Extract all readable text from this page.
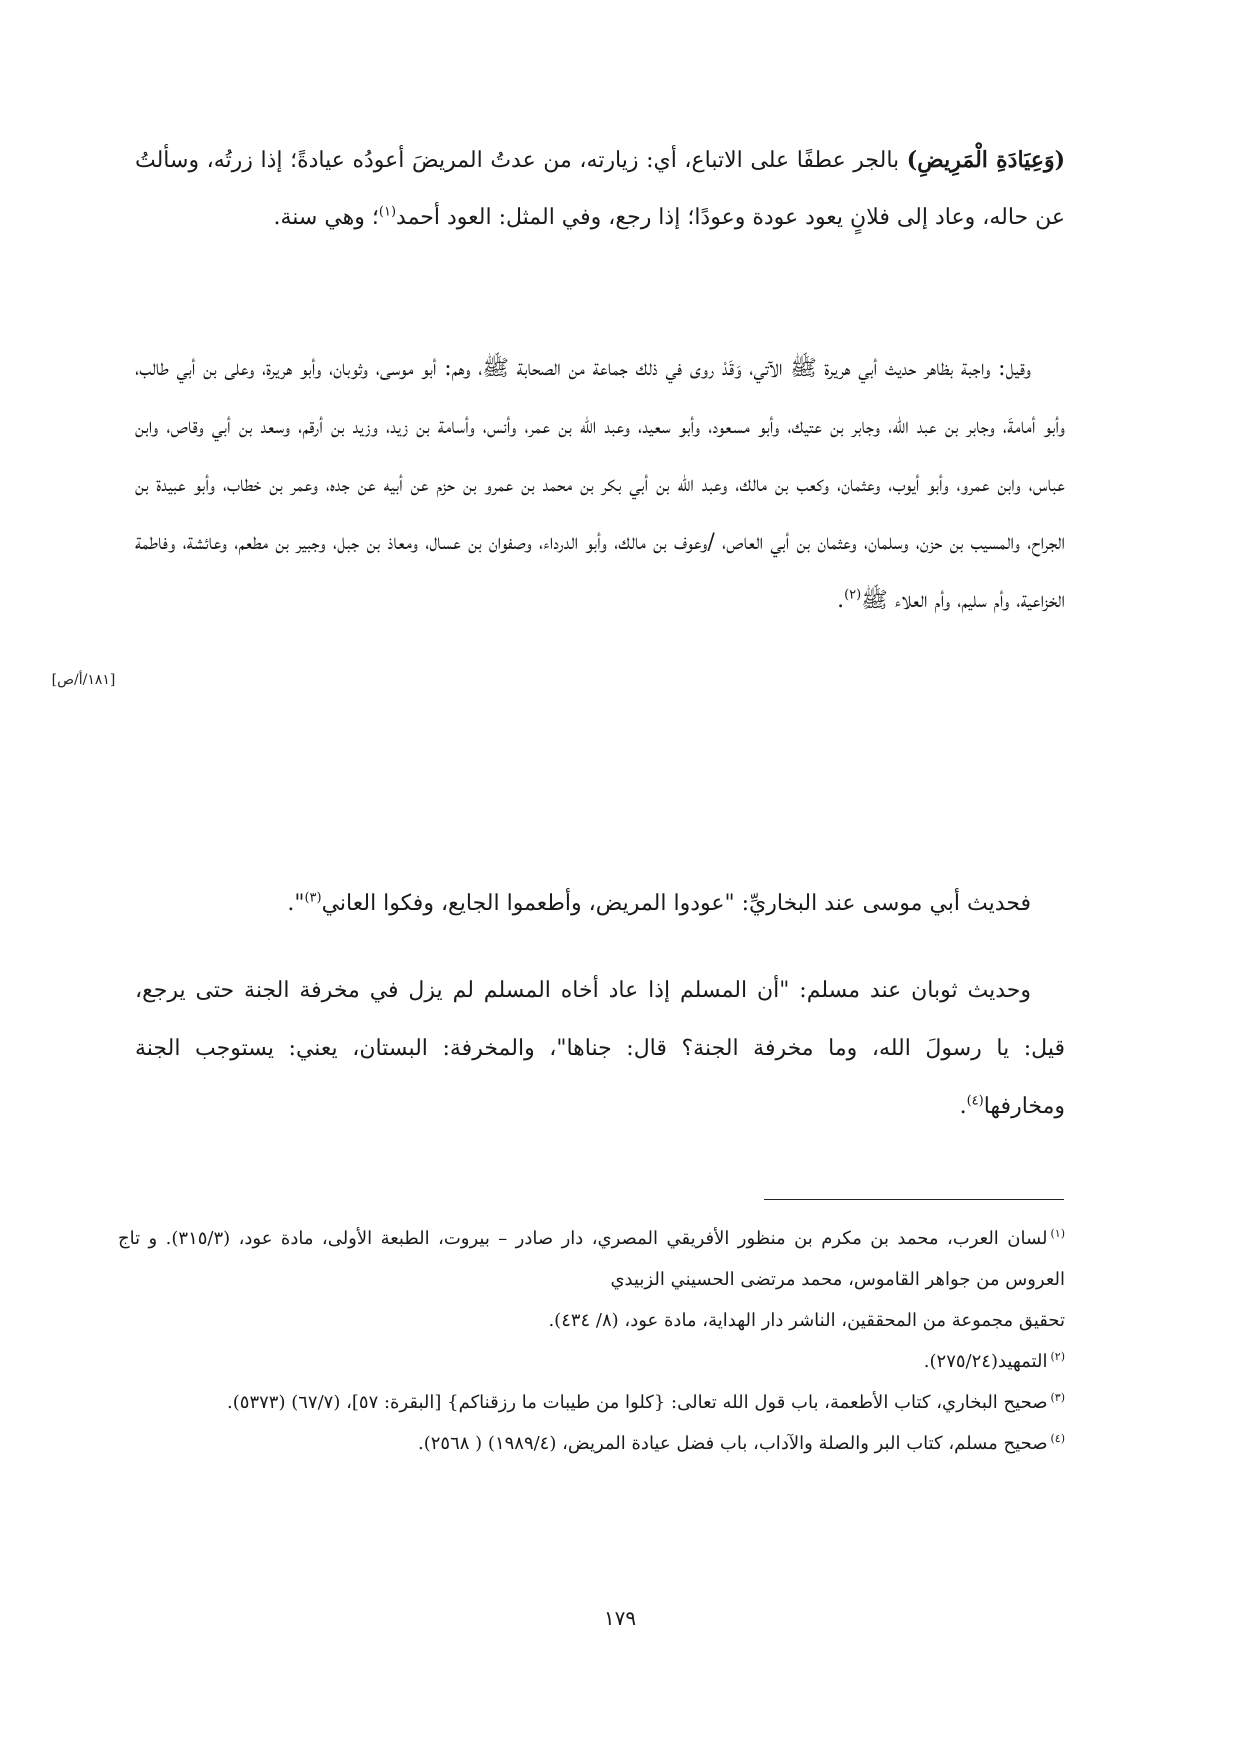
(وَعِيَادَةِ الْمَرِيضِ) بالجر عطفًا على الاتباع، أي: زيارته، من عدتُ المريضَ أعودُه عيادةً؛ إذا زرتُه، وسألتُ عن حاله، وعاد إلى فلانٍ يعود عودة وعودًا؛ إذا رجع، وفي المثل: العود أحمد$^{(١)}$؛ وهي سنة.

وقيل: واجبة بظاهر حديث أبي هريرة ﷺ الآتي، وَقَدْ روى في ذلك جماعة من الصحابة ﷺ، وهم: أبو موسى، وثوبان، وأبو هريرة، وعلى بن أبي طالب، وأبو أمامةَ، وجابر بن عبد الله، وجابر بن عتيك، وأبو مسعود، وأبو سعيد، وعبد الله بن عمر، وأنس، وأسامة بن زيد، وزيد بن أرقم، وسعد بن أبي وقاص، وابن عباس، وابن عمرو، وأبو أيوب، وعثمان، وكعب بن مالك، وعبد الله بن أبي بكر بن محمد بن عمرو بن حزم عن أبيه عن جده، وعمر بن خطاب، وأبو عبيدة بن الجراح، والمسيب بن حزن، وسلمان، وعثمان بن أبي العاص، /وعوف بن مالك، وأبو الدرداء، وصفوان بن عسال، ومعاذ بن جبل، وجبير بن مطعم، وعائشة، وفاطمة الخزاعية، وأم سليم، وأم العلاء ﷺ$^{(٢)}$.

[١٨١/أ/ص]

فحديث أبي موسى عند البخاريِّ: "عودوا المريض، وأطعموا الجايع، وفكوا العاني$^{(٣)}$".

وحديث ثوبان عند مسلم: "أن المسلم إذا عاد أخاه المسلم لم يزل في مخرفة الجنة حتى يرجع، قيل: يا رسولَ الله، وما مخرفة الجنة؟ قال: جناها"، والمخرفة: البستان، يعني: يستوجب الجنة ومخارفها$^{(٤)}$.

$^{(١)}$لسان العرب، محمد بن مكرم بن منظور الأفريقي المصري، دار صادر – بيروت، الطبعة الأولى، مادة عود، (٣١٥/٣). و تاج العروس من جواهر القاموس، محمد مرتضى الحسيني الزبيدي

تحقيق مجموعة من المحققين، الناشر دار الهداية، مادة عود، (٨/ ٤٣٤).

$^{(٢)}$التمهيد(٢٧٥/٢٤).

$^{(٣)}$صحيح البخاري، كتاب الأطعمة، باب قول الله تعالى: {كلوا من طيبات ما رزقناكم} [البقرة: ٥٧]، (٦٧/٧) (٥٣٧٣).

$^{(٤)}$صحيح مسلم، كتاب البر والصلة والآداب، باب فضل عيادة المريض، (١٩٨٩/٤) ( ٢٥٦٨).

١٧٩
